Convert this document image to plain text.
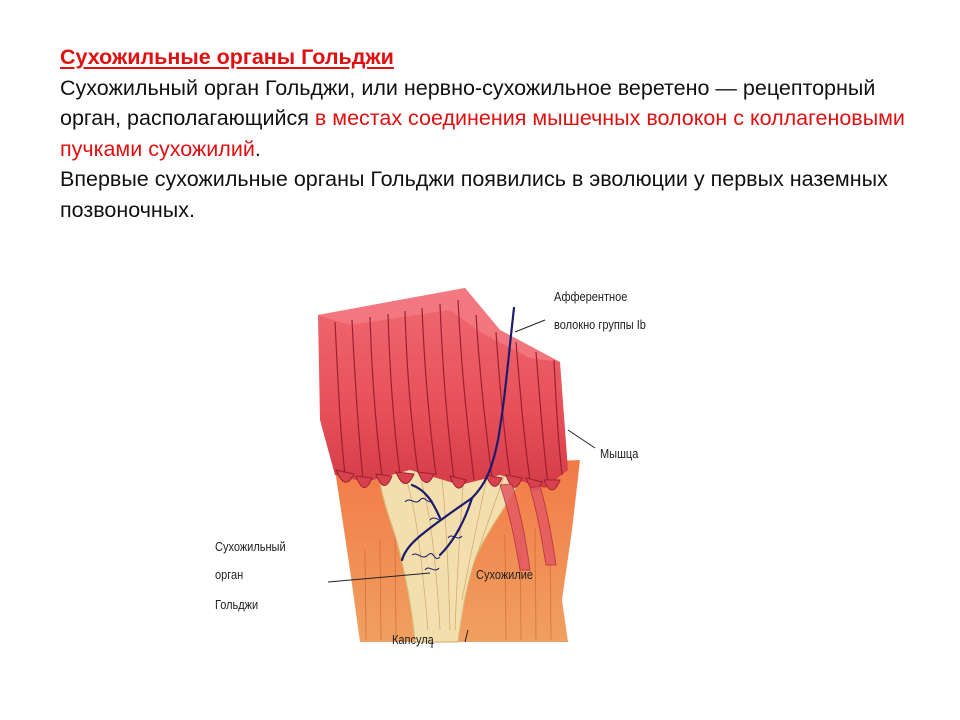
Сухожильные органы Гольджи

Сухожильный орган Гольджи, или нервно-сухожильное веретено — рецепторный орган, располагающийся в местах соединения мышечных волокон с коллагеновыми пучками сухожилий.

Впервые сухожильные органы Гольджи появились в эволюции у первых наземных позвоночных.

Афферентное
волокно группы Ib
Мышца
Сухожильный
орган
Гольджи
Сухожилие
Капсула
